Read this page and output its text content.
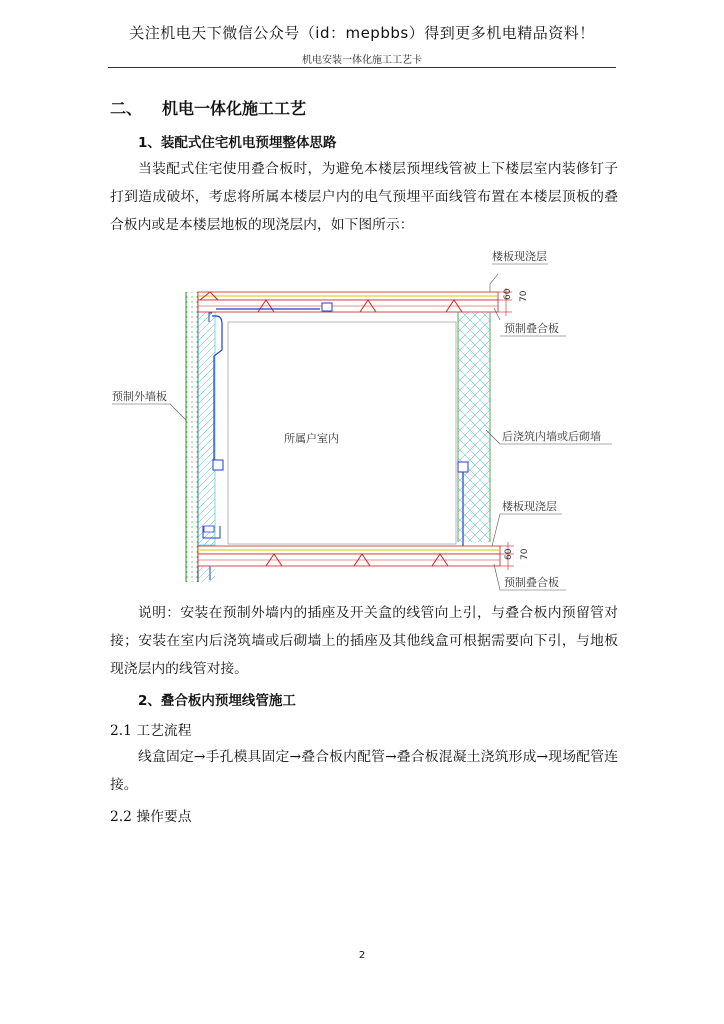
关注机电天下微信公众号（id：mepbbs）得到更多机电精品资料！
机电安装一体化施工工艺卡
二、 机电一体化施工工艺
1、装配式住宅机电预埋整体思路

当装配式住宅使用叠合板时，为避免本楼层预埋线管被上下楼层室内装修钉子打到造成破坏，考虑将所属本楼层户内的电气预埋平面线管布置在本楼层顶板的叠合板内或是本楼层地板的现浇层内，如下图所示：

60 70
60 70
楼板现浇层
预制叠合板
预制外墙板
所属户室内	后浇筑内墙或后砌墙
楼板现浇层
预制叠合板

说明：安装在预制外墙内的插座及开关盒的线管向上引，与叠合板内预留管对接；安装在室内后浇筑墙或后砌墙上的插座及其他线盒可根据需要向下引，与地板现浇层内的线管对接。

2、叠合板内预埋线管施工
2.1 工艺流程

线盒固定→手孔模具固定→叠合板内配管→叠合板混凝土浇筑形成→现场配管连接。

2.2 操作要点
2
